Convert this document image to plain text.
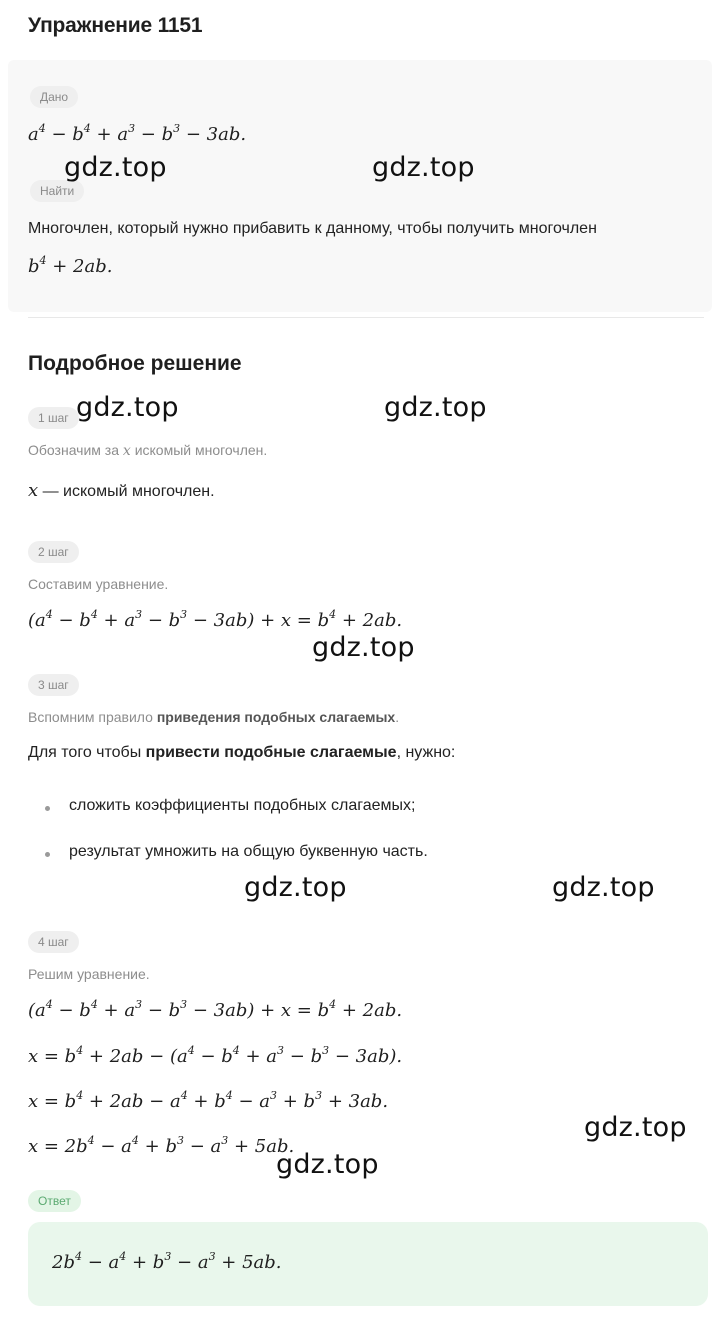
Упражнение 1151
Дано
$a^4 - b^4 + a^3 - b^3 - 3ab$.
Найти
Многочлен, который нужно прибавить к данному, чтобы получить многочлен
$b^4 + 2ab$.
Подробное решение
1 шаг
Обозначим за x искомый многочлен.
x — искомый многочлен.
2 шаг
Составим уравнение.
$(a^4 - b^4 + a^3 - b^3 - 3ab) + x = b^4 + 2ab$.
3 шаг
Вспомним правило приведения подобных слагаемых.
Для того чтобы привести подобные слагаемые, нужно:
сложить коэффициенты подобных слагаемых;
результат умножить на общую буквенную часть.
4 шаг
Решим уравнение.
$(a^4 - b^4 + a^3 - b^3 - 3ab) + x = b^4 + 2ab$.
$x = b^4 + 2ab - (a^4 - b^4 + a^3 - b^3 - 3ab)$.
$x = b^4 + 2ab - a^4 + b^4 - a^3 + b^3 + 3ab$.
$x = 2b^4 - a^4 + b^3 - a^3 + 5ab$.
Ответ
$2b^4 - a^4 + b^3 - a^3 + 5ab$.
gdz.top	gdz.top
gdz.top	gdz.top
gdz.top
gdz.top	gdz.top
gdz.top
gdz.top
